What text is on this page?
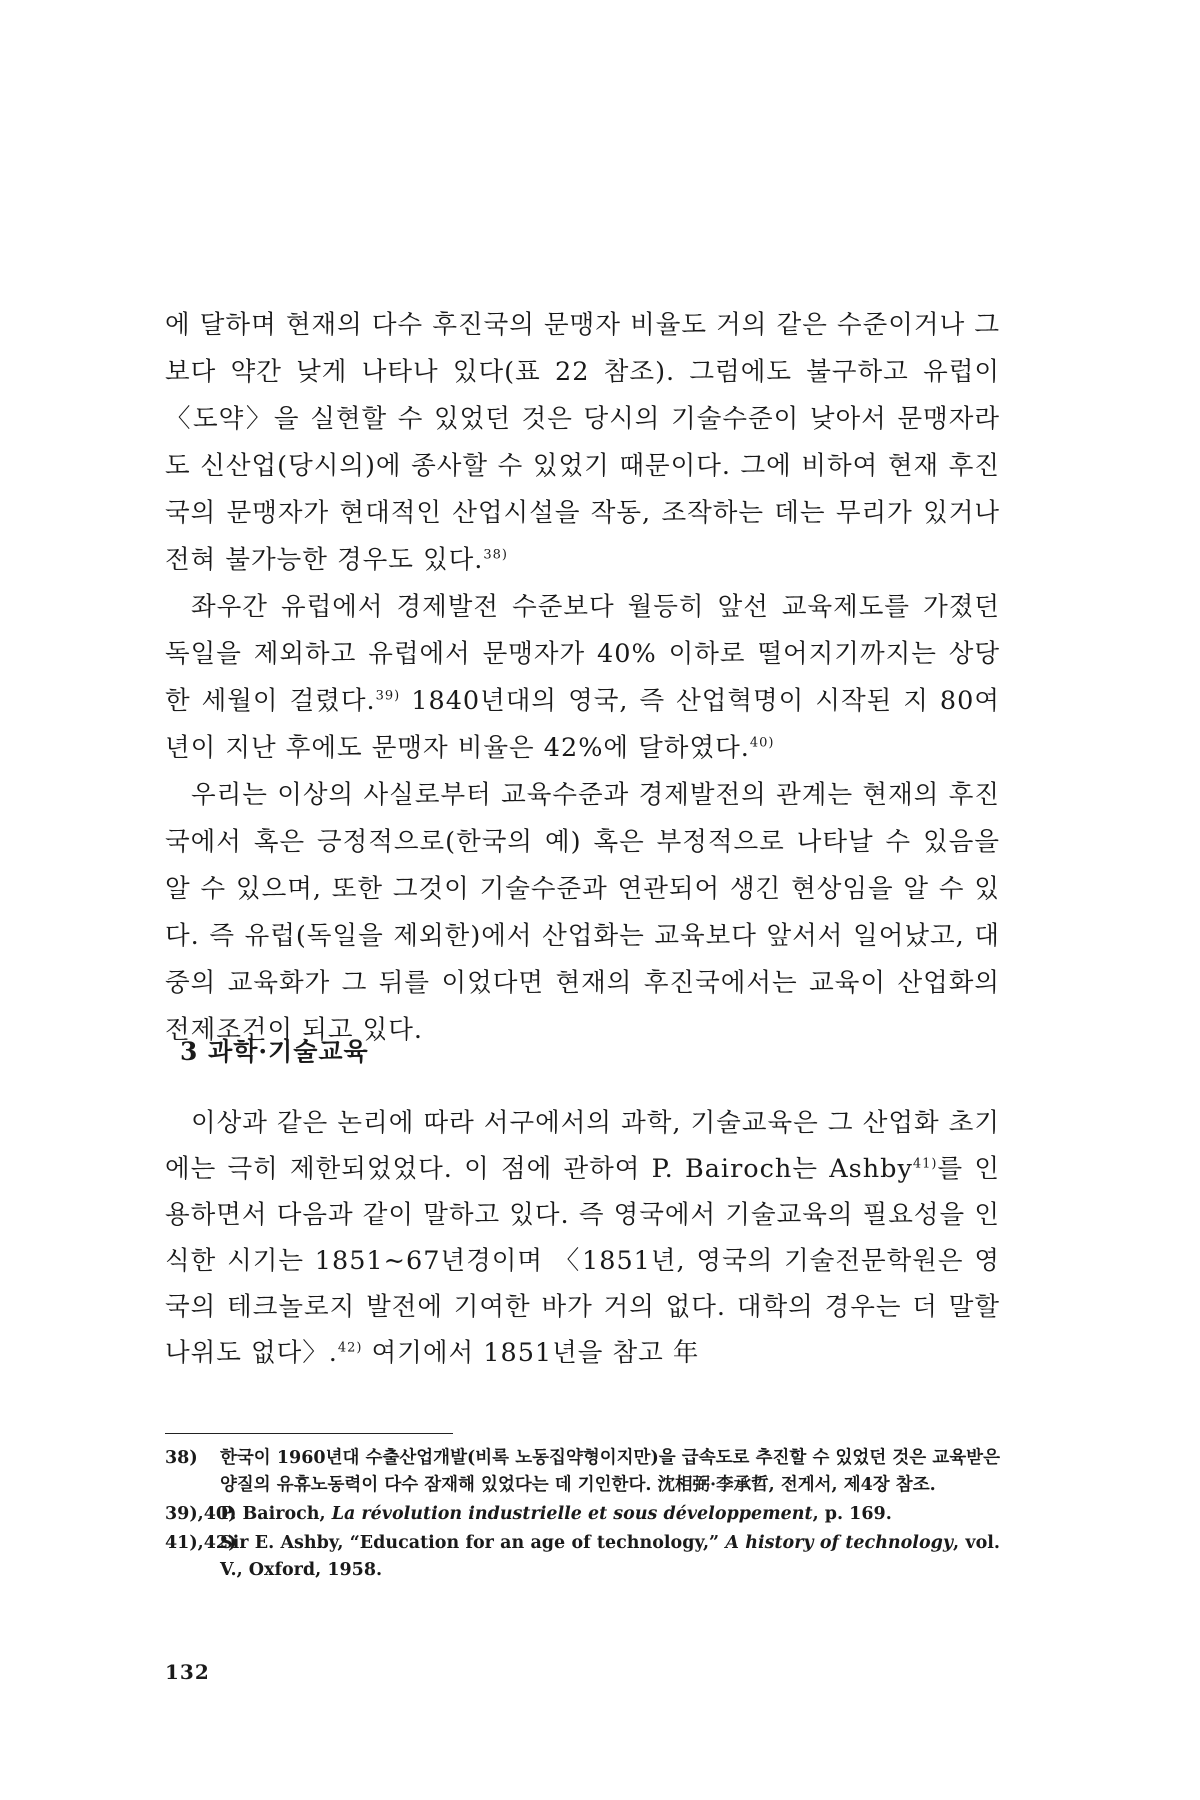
에 달하며 현재의 다수 후진국의 문맹자 비율도 거의 같은 수준이거나 그보다 약간 낮게 나타나 있다(표 22 참조). 그럼에도 불구하고 유럽이 〈도약〉을 실현할 수 있었던 것은 당시의 기술수준이 낮아서 문맹자라도 신산업(당시의)에 종사할 수 있었기 때문이다. 그에 비하여 현재 후진국의 문맹자가 현대적인 산업시설을 작동, 조작하는 데는 무리가 있거나 전혀 불가능한 경우도 있다.$^{38)}$

좌우간 유럽에서 경제발전 수준보다 월등히 앞선 교육제도를 가졌던 독일을 제외하고 유럽에서 문맹자가 40% 이하로 떨어지기까지는 상당한 세월이 걸렸다.$^{39)}$ 1840년대의 영국, 즉 산업혁명이 시작된 지 80여년이 지난 후에도 문맹자 비율은 42%에 달하였다.$^{40)}$

우리는 이상의 사실로부터 교육수준과 경제발전의 관계는 현재의 후진국에서 혹은 긍정적으로(한국의 예) 혹은 부정적으로 나타날 수 있음을 알 수 있으며, 또한 그것이 기술수준과 연관되어 생긴 현상임을 알 수 있다. 즉 유럽(독일을 제외한)에서 산업화는 교육보다 앞서서 일어났고, 대중의 교육화가 그 뒤를 이었다면 현재의 후진국에서는 교육이 산업화의 전제조건이 되고 있다.

3 과학·기술교육

이상과 같은 논리에 따라 서구에서의 과학, 기술교육은 그 산업화 초기에는 극히 제한되었었다. 이 점에 관하여 P. Bairoch는 Ashby$^{41)}$를 인용하면서 다음과 같이 말하고 있다. 즉 영국에서 기술교육의 필요성을 인식한 시기는 1851∼67년경이며 〈1851년, 영국의 기술전문학원은 영국의 테크놀로지 발전에 기여한 바가 거의 없다. 대학의 경우는 더 말할 나위도 없다〉.$^{42)}$ 여기에서 1851년을 참고 年

38)	한국이 1960년대 수출산업개발(비록 노동집약형이지만)을 급속도로 추진할 수 있었던 것은 교육받은 양질의 유휴노동력이 다수 잠재해 있었다는 데 기인한다. 沈相弼·李承哲, 전게서, 제4장 참조.
39),40)
P. Bairoch, La révolution industrielle et sous développement, p. 169.
41),42)
Sir E. Ashby, “Education for an age of technology,” A history of technology, vol. V., Oxford, 1958.
132
